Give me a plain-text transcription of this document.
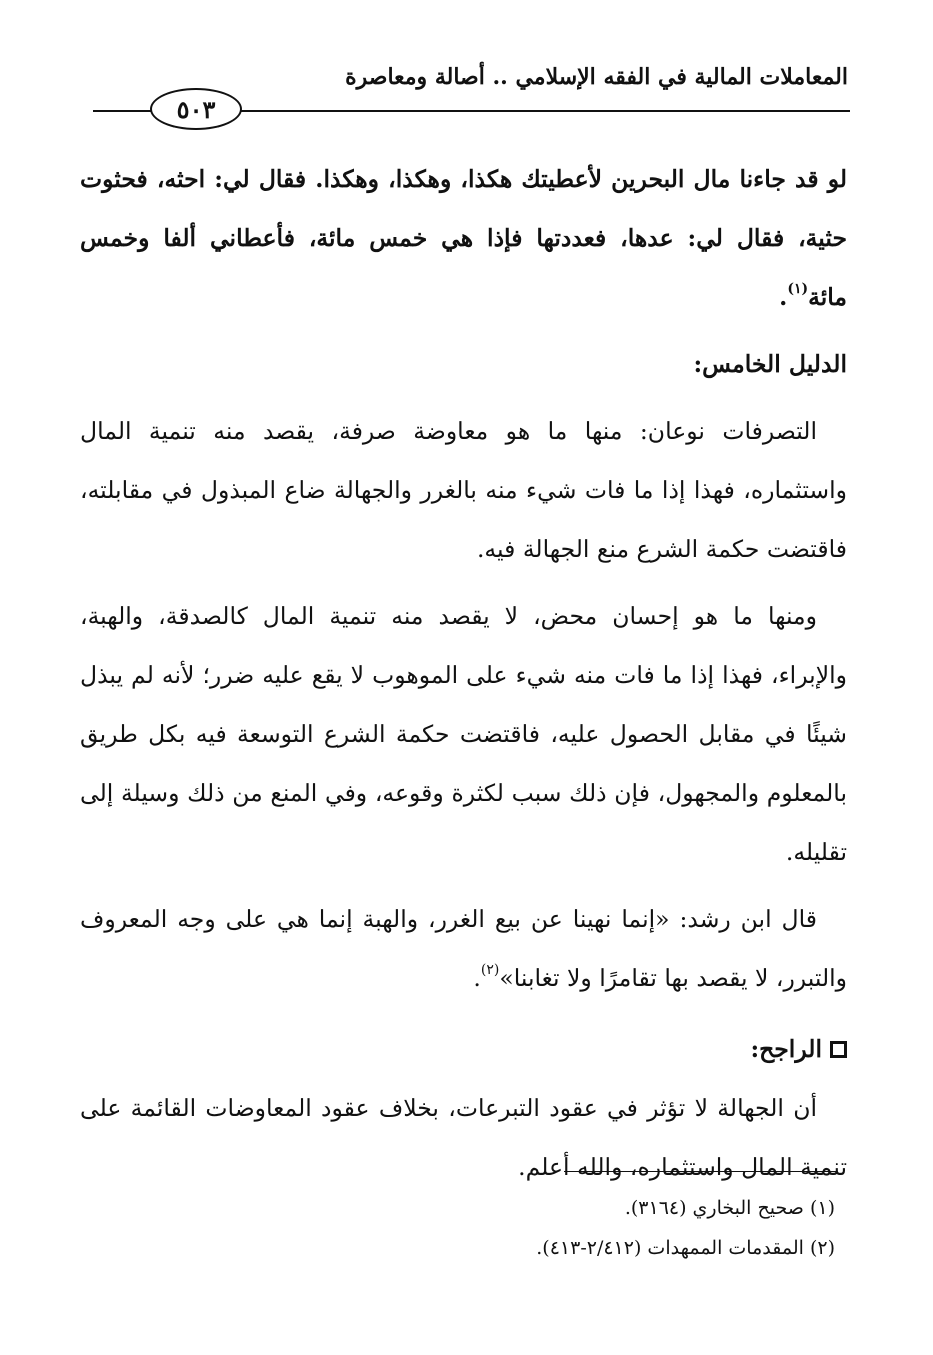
المعاملات المالية في الفقه الإسلامي .. أصالة ومعاصرة
٥٠٣

لو قد جاءنا مال البحرين لأعطيتك هكذا، وهكذا، وهكذا. فقال لي: احثه، فحثوت حثية، فقال لي: عدها، فعددتها فإذا هي خمس مائة، فأعطاني ألفا وخمس مائة$^{(١)}$.

الدليل الخامس:

التصرفات نوعان: منها ما هو معاوضة صرفة، يقصد منه تنمية المال واستثماره، فهذا إذا ما فات شيء منه بالغرر والجهالة ضاع المبذول في مقابلته، فاقتضت حكمة الشرع منع الجهالة فيه.

ومنها ما هو إحسان محض، لا يقصد منه تنمية المال كالصدقة، والهبة، والإبراء، فهذا إذا ما فات منه شيء على الموهوب لا يقع عليه ضرر؛ لأنه لم يبذل شيئًا في مقابل الحصول عليه، فاقتضت حكمة الشرع التوسعة فيه بكل طريق بالمعلوم والمجهول، فإن ذلك سبب لكثرة وقوعه، وفي المنع من ذلك وسيلة إلى تقليله.

قال ابن رشد: «إنما نهينا عن بيع الغرر، والهبة إنما هي على وجه المعروف والتبرر، لا يقصد بها تقامرًا ولا تغابنا»$^{(٢)}$.

الراجح:

أن الجهالة لا تؤثر في عقود التبرعات، بخلاف عقود المعاوضات القائمة على تنمية المال واستثماره، والله أعلم.

(١) صحيح البخاري (٣١٦٤).

(٢) المقدمات الممهدات (٢/٤١٢-٤١٣).
